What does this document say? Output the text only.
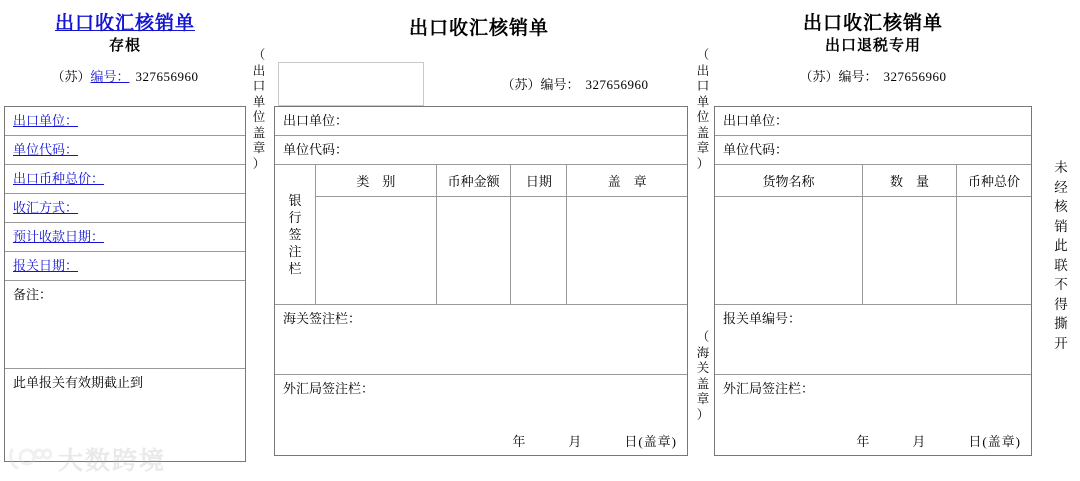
出口收汇核销单
存根
（苏）编号： 327656960
出口单位：
单位代码：
出口币种总价：
收汇方式：
预计收款日期：
报关日期：
备注：
此单报关有效期截止到
（
出
口
单
位
盖
章
）
出口收汇核销单
（苏）编号： 327656960
出口单位：
单位代码：
银
行
签
注
栏
类　别	币种金额	日期	盖　章
海关签注栏：
外汇局签注栏：
年　　　月　　　日(盖章)
（
出
口
单
位
盖
章
）
（
海
关
盖
章
）
出口收汇核销单
出口退税专用
（苏）编号： 327656960
出口单位：
单位代码：
货物名称	数　量	币种总价
报关单编号：
外汇局签注栏：
年　　　月　　　日(盖章)
未
经
核
销
此
联
不
得
撕
开
大数跨境
